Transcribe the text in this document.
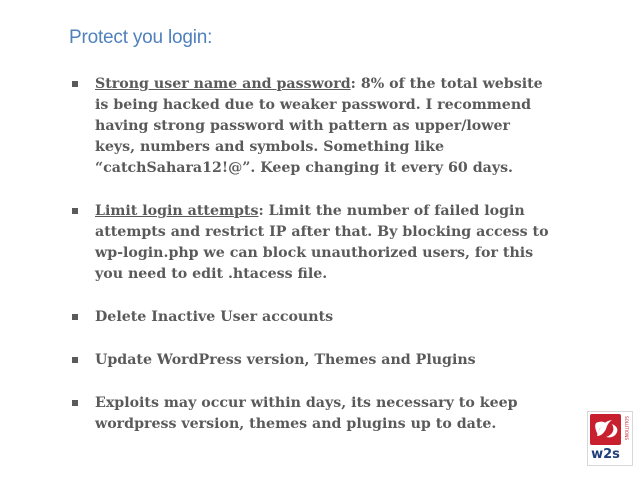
Protect you login:
Strong user name and password: 8% of the total website is being hacked due to weaker password. I recommend having strong password with pattern as upper/lower keys, numbers and symbols. Something like “catchSahara12!@”. Keep changing it every 60 days.
Limit login attempts: Limit the number of failed login attempts and restrict IP after that. By blocking access to wp-login.php we can block unauthorized users, for this you need to edit .htacess file.
Delete Inactive User accounts
Update WordPress version, Themes and Plugins
Exploits may occur within days, its necessary to keep wordpress version, themes and plugins up to date.
w2s
SOLUTIONS
